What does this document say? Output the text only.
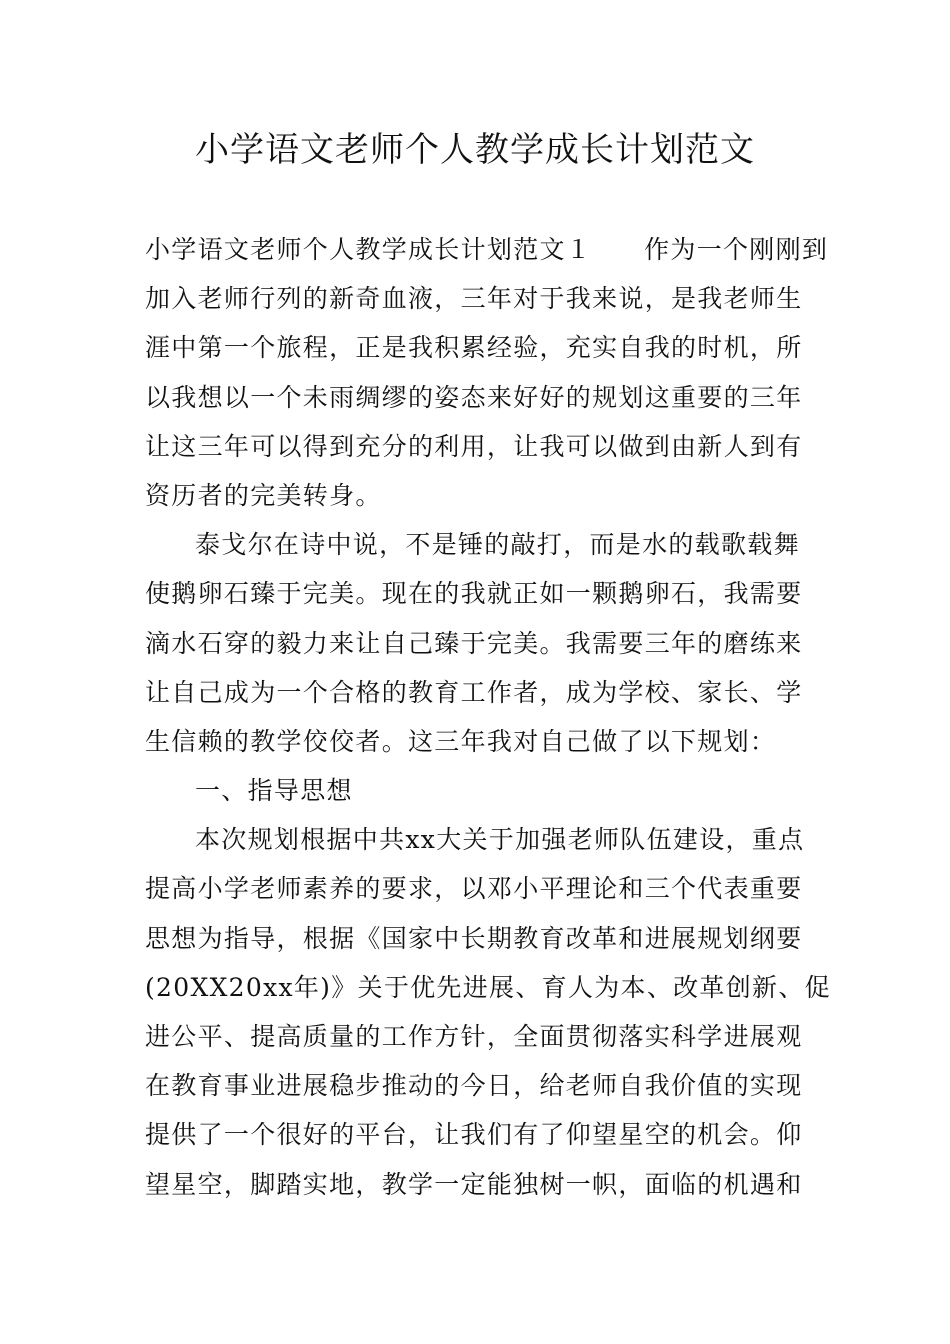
小学语文老师个人教学成长计划范文
小学语文老师个人教学成长计划范文１ 作为一个刚刚到
加入老师行列的新奇血液，三年对于我来说，是我老师生
涯中第一个旅程，正是我积累经验，充实自我的时机，所
以我想以一个未雨绸缪的姿态来好好的规划这重要的三年
让这三年可以得到充分的利用，让我可以做到由新人到有
资历者的完美转身。
泰戈尔在诗中说，不是锤的敲打，而是水的载歌载舞
使鹅卵石臻于完美。现在的我就正如一颗鹅卵石，我需要
滴水石穿的毅力来让自己臻于完美。我需要三年的磨练来
让自己成为一个合格的教育工作者，成为学校、家长、学
生信赖的教学佼佼者。这三年我对自己做了以下规划：
一、指导思想
本次规划根据中共xx大关于加强老师队伍建设，重点
提高小学老师素养的要求，以邓小平理论和三个代表重要
思想为指导，根据《国家中长期教育改革和进展规划纲要
(20XX20xx年)》关于优先进展、育人为本、改革创新、促
进公平、提高质量的工作方针，全面贯彻落实科学进展观
在教育事业进展稳步推动的今日，给老师自我价值的实现
提供了一个很好的平台，让我们有了仰望星空的机会。仰
望星空，脚踏实地，教学一定能独树一帜，面临的机遇和
